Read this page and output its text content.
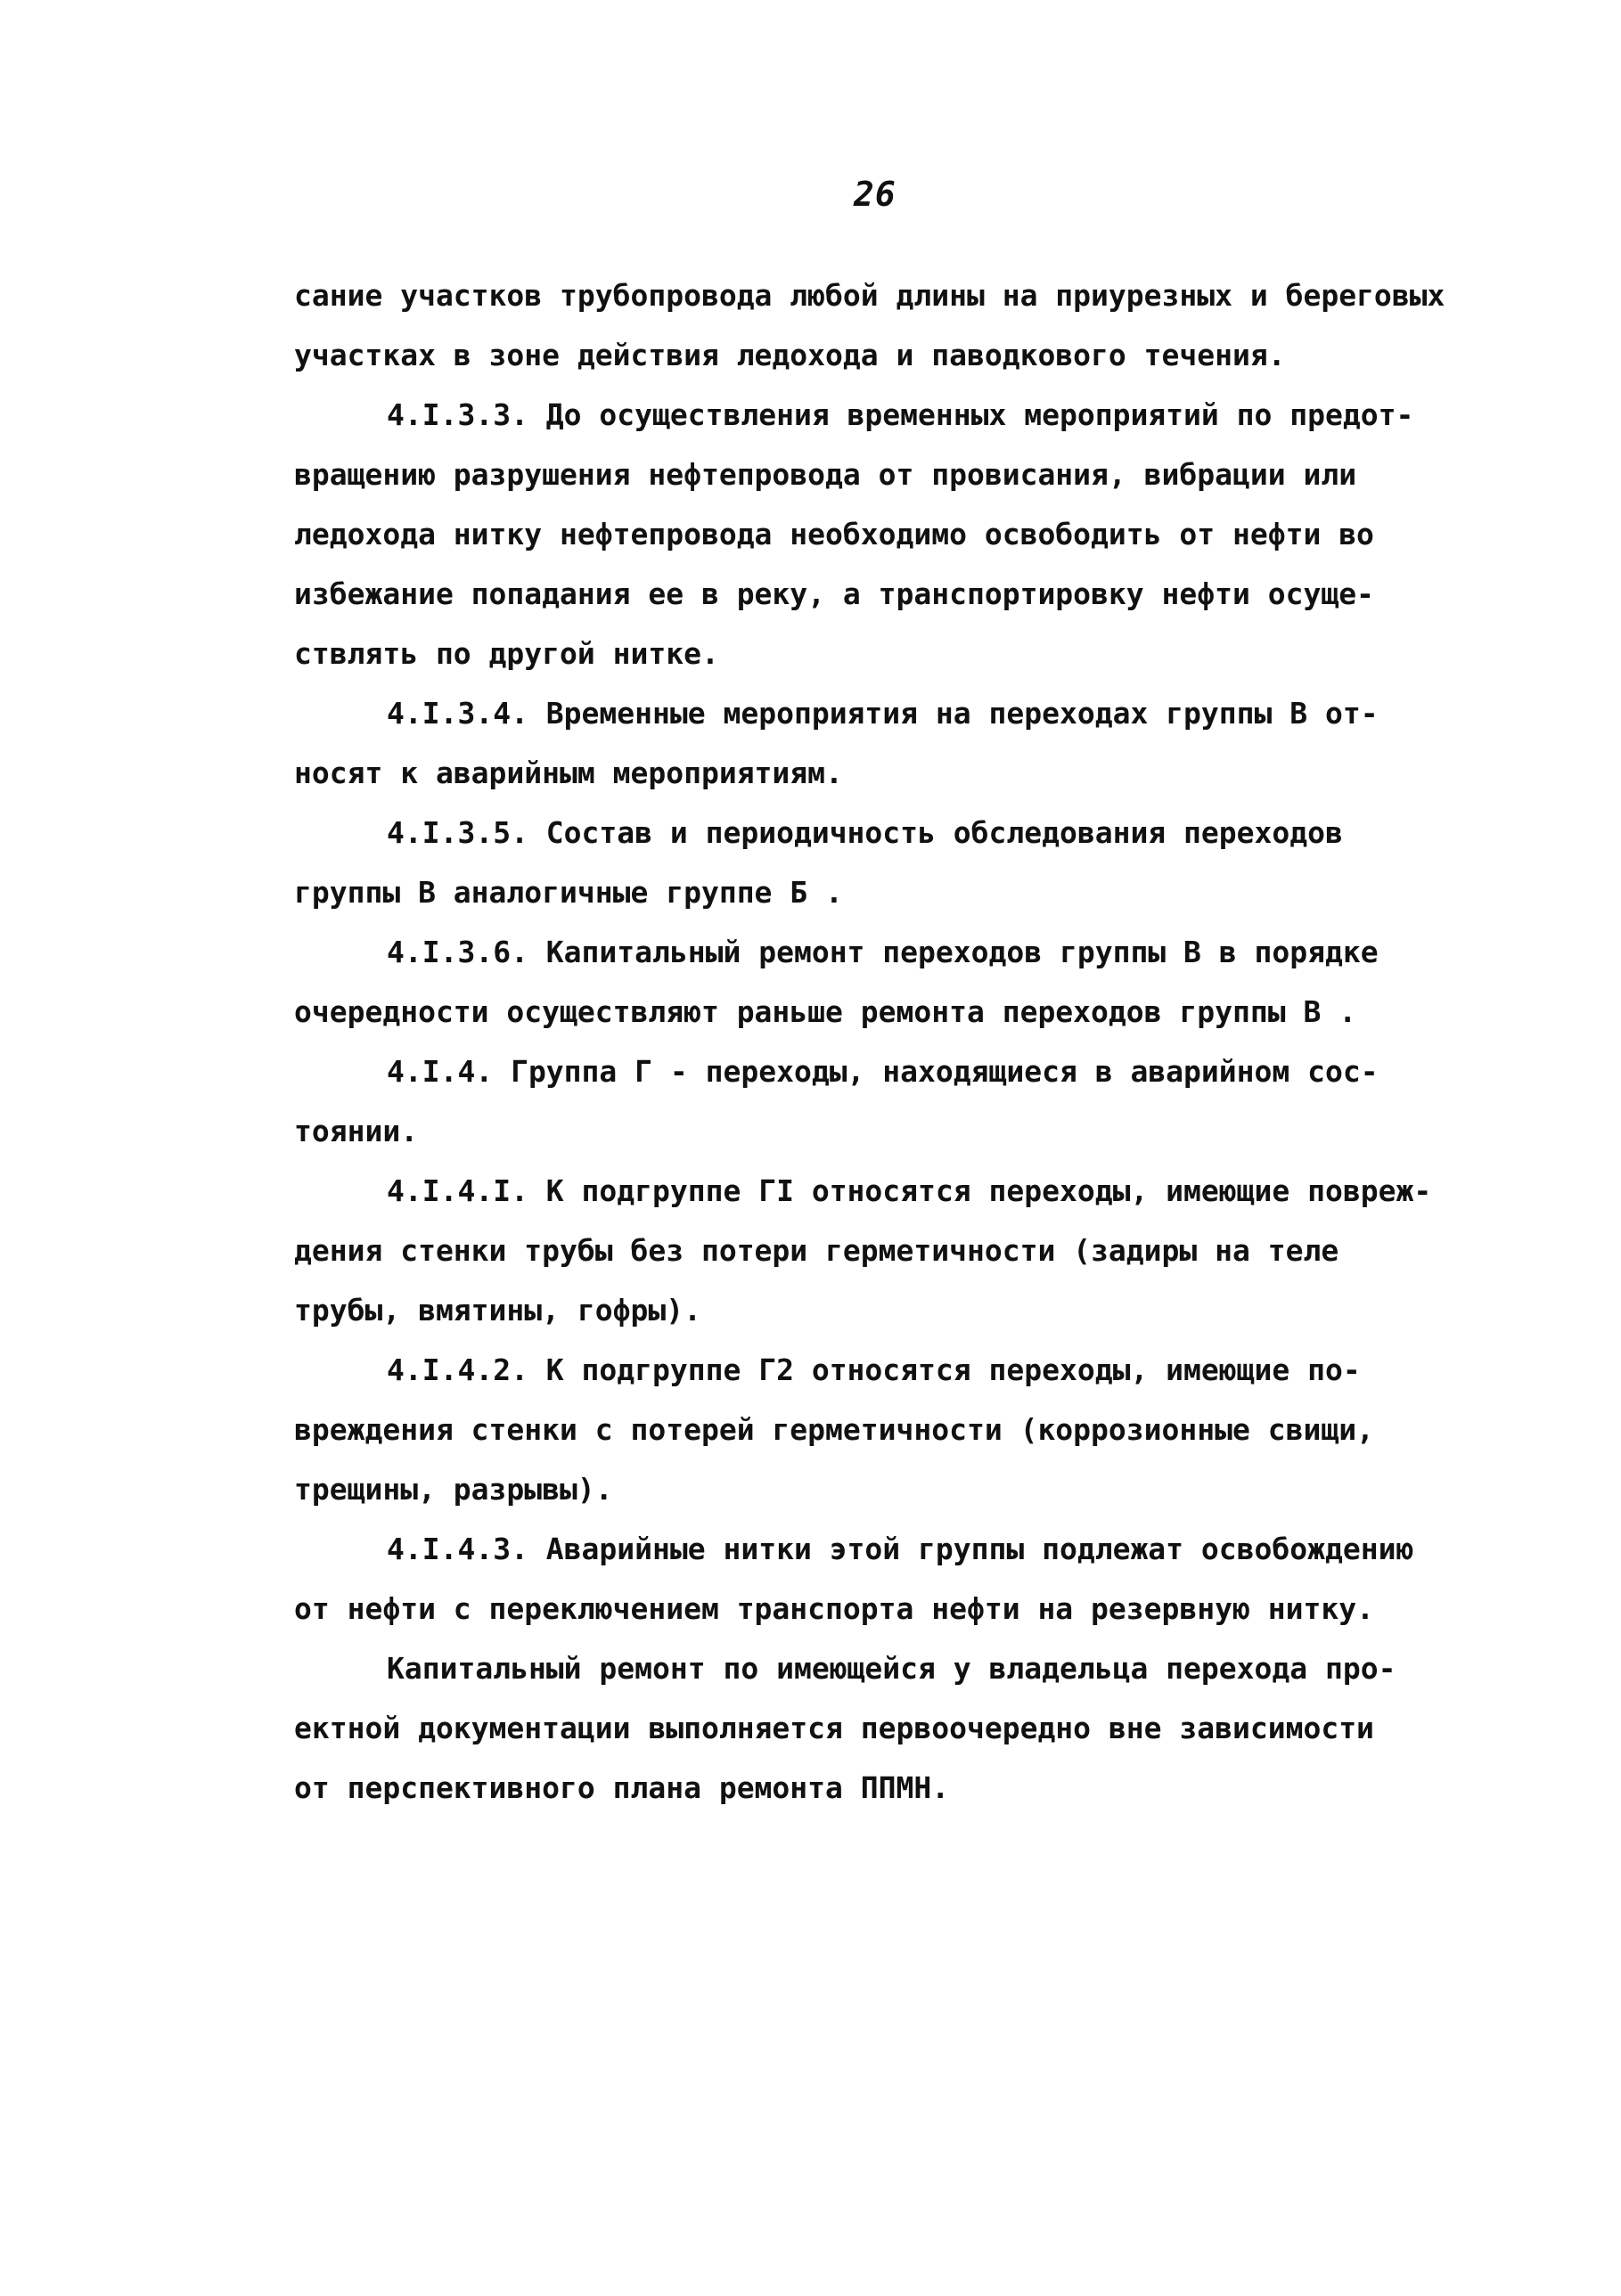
26
сание участков трубопровода любой длины на приурезных и береговых
участках в зоне действия ледохода и паводкового течения.
4.I.3.3. До осуществления временных мероприятий по предот-
вращению разрушения нефтепровода от провисания, вибрации или
ледохода нитку нефтепровода необходимо освободить от нефти во
избежание попадания ее в реку, а транспортировку нефти осуще-
ствлять по другой нитке.
4.I.3.4. Временные мероприятия на переходах группы В от-
носят к аварийным мероприятиям.
4.I.3.5. Состав и периодичность обследования переходов
группы В аналогичные группе Б .
4.I.3.6. Капитальный ремонт переходов группы В в порядке
очередности осуществляют раньше ремонта переходов группы В .
4.I.4. Группа Г - переходы, находящиеся в аварийном сос-
тоянии.
4.I.4.I. К подгруппе ГI относятся переходы, имеющие повреж-
дения стенки трубы без потери герметичности (задиры на теле
трубы, вмятины, гофры).
4.I.4.2. К подгруппе Г2 относятся переходы, имеющие по-
вреждения стенки с потерей герметичности (коррозионные свищи,
трещины, разрывы).
4.I.4.3. Аварийные нитки этой группы подлежат освобождению
от нефти с переключением транспорта нефти на резервную нитку.
Капитальный ремонт по имеющейся у владельца перехода про-
ектной документации выполняется первоочередно вне зависимости
от перспективного плана ремонта ППМН.
